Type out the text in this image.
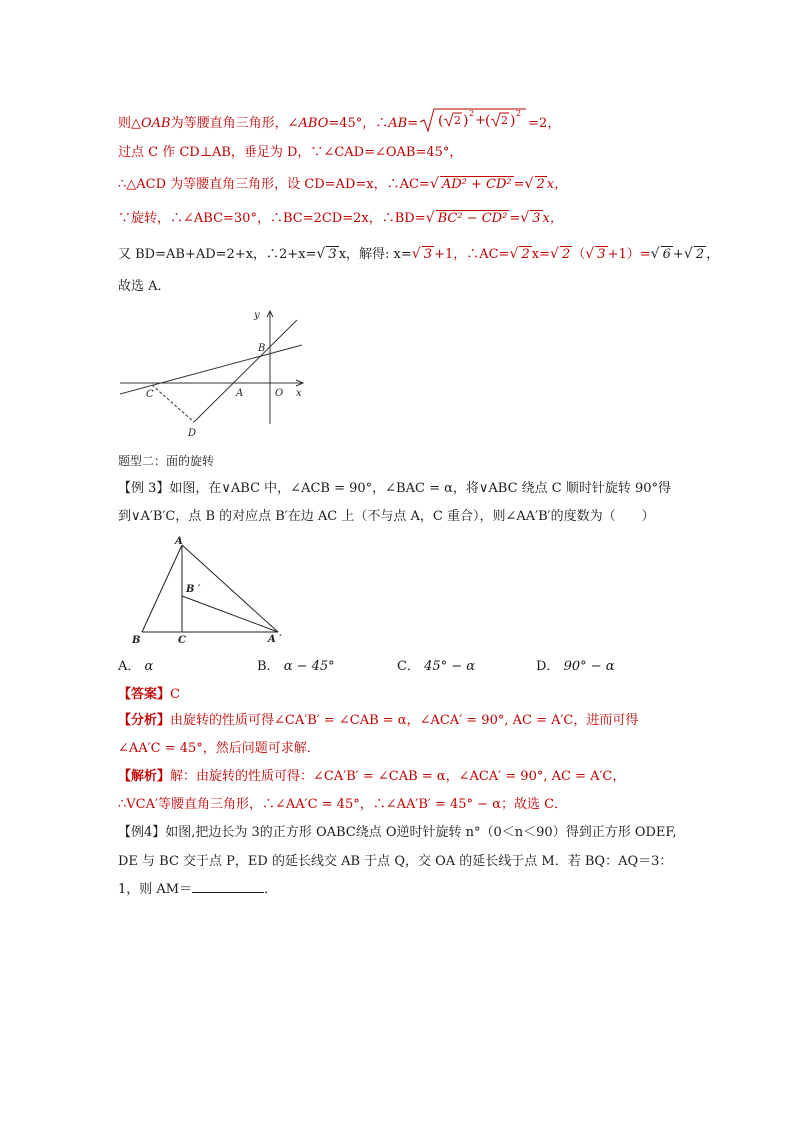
则△OAB为等腰直角三角形，∠ABO=45°，∴AB= ( 2 ) 2 + ( 2 ) 2
=2，
过点 C 作 CD⊥AB，垂足为 D，∵∠CAD=∠OAB=45°，
∴△ACD 为等腰直角三角形，设 CD=AD=x，∴AC= √ AD² + CD² = √ 2 x，
∵旋转，∴∠ABC=30°，∴BC=2CD=2x，∴BD= √ BC² − CD² = √ 3 x，
又 BD=AB+AD=2+x，∴2+x= √ 3 x，解得: x= √ 3 +1，∴AC= √ 2 x= √ 2 （ √ 3 +1）= √ 6 + √ 2 ，
故选 A．
y
x
B
O
A
C
D
题型二：面的旋转
【例 3】如图，在∨ABC 中，∠ACB = 90°，∠BAC = α，将∨ABC 绕点 C 顺时针旋转 90°得
到∨A′B′C，点 B 的对应点 B′在边 AC 上（不与点 A，C 重合），则∠AA′B′的度数为（　　）
A
B ′
B	C	A ′
A． α	B． α − 45°	C． 45° − α	D． 90° − α
【答案】C
【分析】由旋转的性质可得∠CA′B′ = ∠CAB = α，∠ACA′ = 90°, AC = A′C，进而可得
∠AA′C = 45°，然后问题可求解．
【解析】解：由旋转的性质可得：∠CA′B′ = ∠CAB = α，∠ACA′ = 90°, AC = A′C，
∴VCA′等腰直角三角形，∴∠AA′C = 45°，∴∠AA′B′ = 45° − α；故选 C．
【例4】如图,把边长为 3的正方形 OABC绕点 O逆时针旋转 n°（0＜n＜90）得到正方形 ODEF,
DE 与 BC 交于点 P，ED 的延长线交 AB 于点 Q，交 OA 的延长线于点 M．若 BQ：AQ＝3：
1，则 AM＝	．
